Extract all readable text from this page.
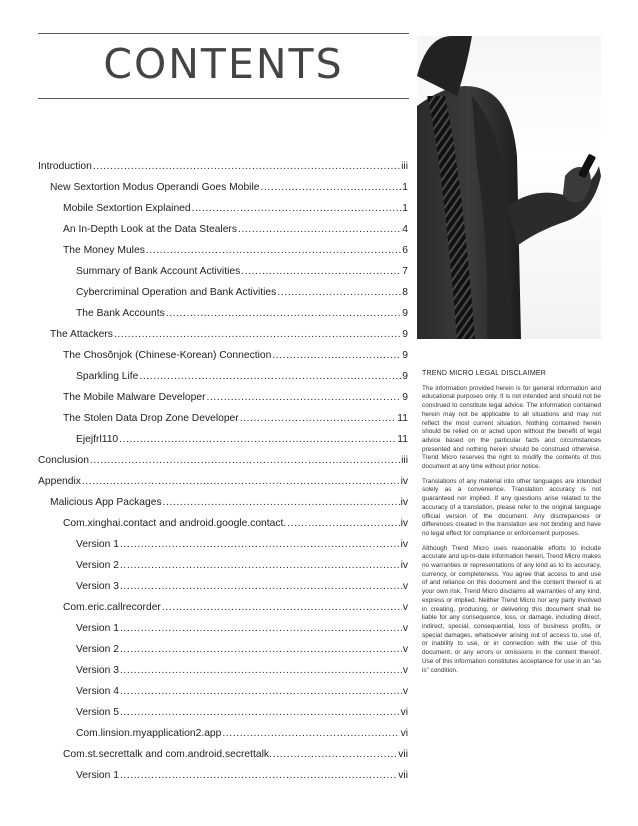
CONTENTS
Introduction .....	iii
New Sextortion Modus Operandi Goes Mobile .....	1
Mobile Sextortion Explained .....	1
An In-Depth Look at the Data Stealers .....	4
The Money Mules .....	6
Summary of Bank Account Activities .....	7
Cybercriminal Operation and Bank Activities .....	8
The Bank Accounts .....	9
The Attackers .....	9
The Chosŏnjok (Chinese-Korean) Connection .....	9
Sparkling Life .....	9
The Mobile Malware Developer .....	9
The Stolen Data Drop Zone Developer .....	11
Ejejfrl110 .....	11
Conclusion .....	iii
Appendix .....	iv
Malicious App Packages .....	iv
Com.xinghai.contact and android.google.contact. .....	iv
Version 1 .....	iv
Version 2 .....	iv
Version 3 .....	v
Com.eric.callrecorder .....	v
Version 1 .....	v
Version 2 .....	v
Version 3 .....	v
Version 4 .....	v
Version 5 .....	vi
Com.linsion.myapplication2.app .....	vi
Com.st.secrettalk and com.android.secrettalk. .....	vii
Version 1 .....	vii
TREND MICRO LEGAL DISCLAIMER

The information provided herein is for general information and educational purposes only. It is not intended and should not be construed to constitute legal advice. The information contained herein may not be applicable to all situations and may not reflect the most current situation. Nothing contained herein should be relied on or acted upon without the benefit of legal advice based on the particular facts and circumstances presented and nothing herein should be construed otherwise. Trend Micro reserves the right to modify the contents of this document at any time without prior notice.

Translations of any material into other languages are intended solely as a convenience. Translation accuracy is not guaranteed nor implied. If any questions arise related to the accuracy of a translation, please refer to the original language official version of the document. Any discrepancies or differences created in the translation are not binding and have no legal effect for compliance or enforcement purposes.

Although Trend Micro uses reasonable efforts to include accurate and up-to-date information herein, Trend Micro makes no warranties or representations of any kind as to its accuracy, currency, or completeness. You agree that access to and use of and reliance on this document and the content thereof is at your own risk. Trend Micro disclaims all warranties of any kind, express or implied. Neither Trend Micro nor any party involved in creating, producing, or delivering this document shall be liable for any consequence, loss, or damage, including direct, indirect, special, consequential, loss of business profits, or special damages, whatsoever arising out of access to, use of, or inability to use, or in connection with the use of this document, or any errors or omissions in the content thereof. Use of this information constitutes acceptance for use in an “as is” condition.
